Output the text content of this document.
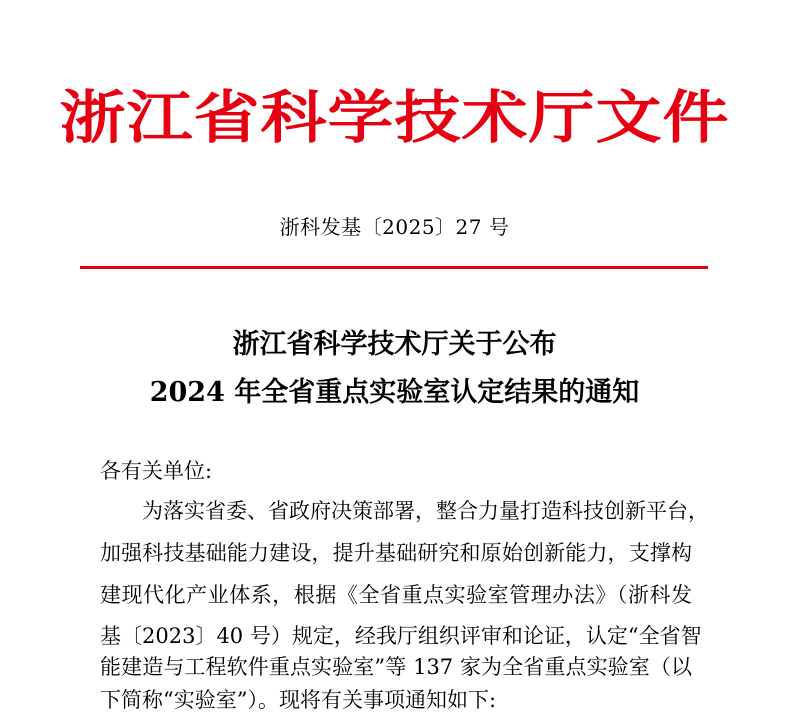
浙江省科学技术厅文件
浙科发基〔2025〕27 号
浙江省科学技术厅关于公布
2024 年全省重点实验室认定结果的通知
各有关单位:
为落实省委、省政府决策部署，整合力量打造科技创新平台，
加强科技基础能力建设，提升基础研究和原始创新能力，支撑构
建现代化产业体系，根据《全省重点实验室管理办法》（浙科发
基〔2023〕40 号）规定，经我厅组织评审和论证，认定“全省智
能建造与工程软件重点实验室”等 137 家为全省重点实验室（以
下简称“实验室”）。现将有关事项通知如下:
